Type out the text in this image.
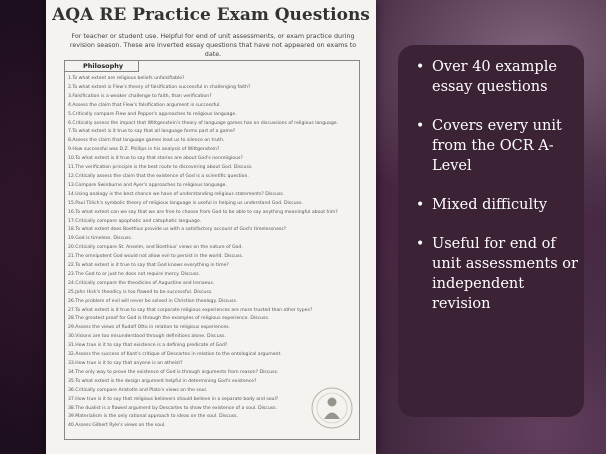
AQA RE Practice Exam Questions
For teacher or student use. Helpful for end of unit assessments, or exam practice during revision season. These are inverted essay questions that have not appeared on exams to date.
Philosophy
1.To what extent are religious beliefs unfalsifiable?
2.To what extent is Flew's theory of falsification successful in challenging faith?
3.Falsification is a weaker challenge to faith, than verification?
4.Assess the claim that Flew's falsification argument is successful.
5.Critically compare Flew and Popper's approaches to religious language.
6.Critically assess the impact that Wittgenstein's theory of language games has on discussions of religious language.
7.To what extent is it true to say that all language forms part of a game?
8.Assess the claim that language games lead us to silence on truth.
9.How successful was D.Z. Phillips in his analysis of Wittgenstein?
10.To what extent is it true to say that stories are about God's nonreligious?
11.The verification principle is the best route to discovering about God. Discuss.
12.Critically assess the claim that the existence of God is a scientific question.
13.Compare Swinburne and Ayer's approaches to religious language.
14.Using analogy is the best chance we have of understanding religious statements? Discuss.
15.Paul Tillich's symbolic theory of religious language is useful in helping us understand God. Discuss.
16.To what extent can we say that we are free to choose from God to be able to say anything meaningful about him?
17.Critically compare apophatic and cataphatic language.
18.To what extent does Boethius provide us with a satisfactory account of God's timelessness?
19.God is timeless. Discuss.
20.Critically compare St. Anselm, and Boethius' views on the nature of God.
21.The omnipotent God would not allow evil to persist in the world. Discuss.
22.To what extent is it true to say that God knows everything in time?
23.The God to or just he does not require mercy. Discuss.
24.Critically compare the theodicies of Augustine and Irenaeus.
25.John Hick's theodicy is too flawed to be successful. Discuss.
26.The problem of evil will never be solved in Christian theology. Discuss.
27.To what extent is it true to say that corporate religious experiences are more trusted than other types?
28.The greatest proof for God is through the examples of religious experience. Discuss.
29.Assess the views of Rudolf Otto in relation to religious experiences.
30.Visions are too misunderstood through definitions alone. Discuss.
31.How true is it to say that existence is a defining predicate of God?
32.Assess the success of Kant's critique of Descartes in relation to the ontological argument.
33.How true is it to say that anyone is an atheist?
34.The only way to prove the existence of God is through arguments from reason? Discuss.
35.To what extent is the design argument helpful in determining God's existence?
36.Critically compare Aristotle and Plato's views on the soul.
37.How true is it to say that religious believers should believe in a separate body and soul?
38.The dualist is a flawed argument by Descartes to show the existence of a soul. Discuss.
39.Materialism is the only rational approach to ideas on the soul. Discuss.
40.Assess Gilbert Ryle's views on the soul.
• Over 40 example essay questions
• Covers every unit from the OCR A-Level
• Mixed difficulty
• Useful for end of unit assessments or independent revision
